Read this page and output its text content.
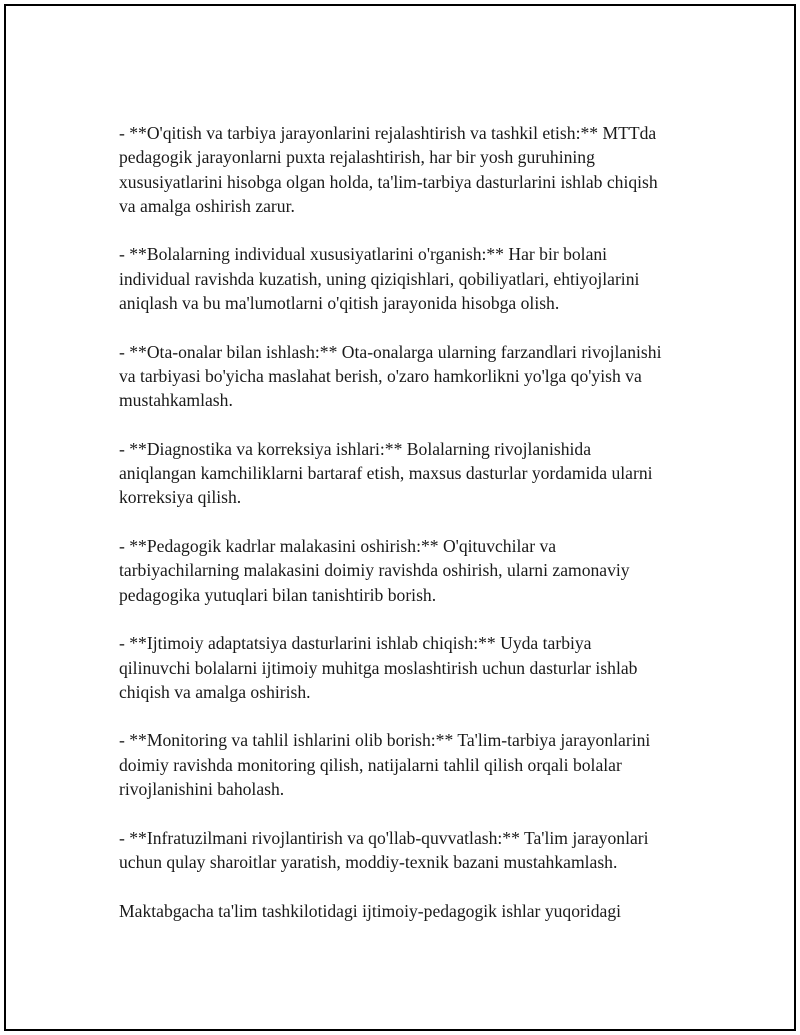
- **O'qitish va tarbiya jarayonlarini rejalashtirish va tashkil etish:** MTTda
pedagogik jarayonlarni puxta rejalashtirish, har bir yosh guruhining
xususiyatlarini hisobga olgan holda, ta'lim-tarbiya dasturlarini ishlab chiqish
va amalga oshirish zarur.

- **Bolalarning individual xususiyatlarini o'rganish:** Har bir bolani
individual ravishda kuzatish, uning qiziqishlari, qobiliyatlari, ehtiyojlarini
aniqlash va bu ma'lumotlarni o'qitish jarayonida hisobga olish.

- **Ota-onalar bilan ishlash:** Ota-onalarga ularning farzandlari rivojlanishi
va tarbiyasi bo'yicha maslahat berish, o'zaro hamkorlikni yo'lga qo'yish va
mustahkamlash.

- **Diagnostika va korreksiya ishlari:** Bolalarning rivojlanishida
aniqlangan kamchiliklarni bartaraf etish, maxsus dasturlar yordamida ularni
korreksiya qilish.

- **Pedagogik kadrlar malakasini oshirish:** O'qituvchilar va
tarbiyachilarning malakasini doimiy ravishda oshirish, ularni zamonaviy
pedagogika yutuqlari bilan tanishtirib borish.

- **Ijtimoiy adaptatsiya dasturlarini ishlab chiqish:** Uyda tarbiya
qilinuvchi bolalarni ijtimoiy muhitga moslashtirish uchun dasturlar ishlab
chiqish va amalga oshirish.

- **Monitoring va tahlil ishlarini olib borish:** Ta'lim-tarbiya jarayonlarini
doimiy ravishda monitoring qilish, natijalarni tahlil qilish orqali bolalar
rivojlanishini baholash.

- **Infratuzilmani rivojlantirish va qo'llab-quvvatlash:** Ta'lim jarayonlari
uchun qulay sharoitlar yaratish, moddiy-texnik bazani mustahkamlash.

Maktabgacha ta'lim tashkilotidagi ijtimoiy-pedagogik ishlar yuqoridagi
